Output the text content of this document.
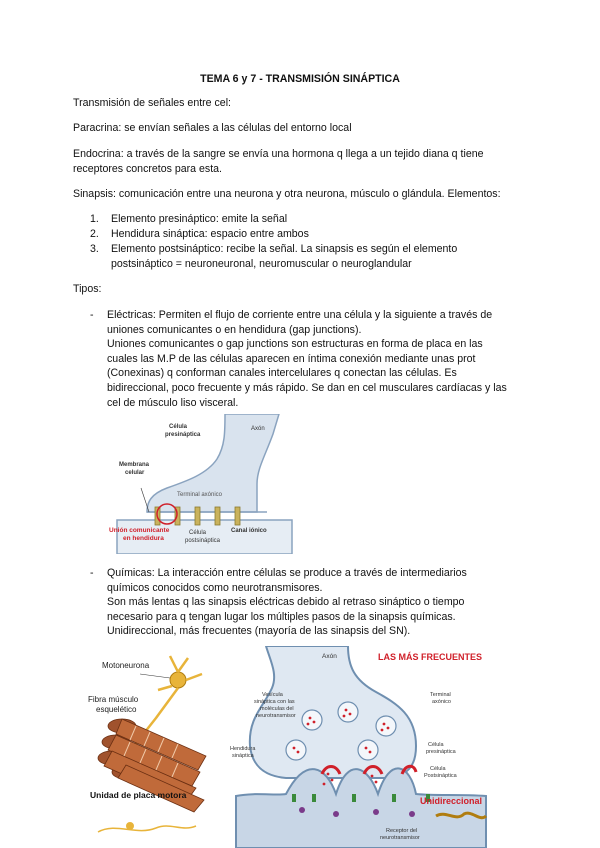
TEMA 6 y 7 - TRANSMISIÓN SINÁPTICA
Transmisión de señales entre cel:
Paracrina: se envían señales a las células del entorno local
Endocrina: a través de la sangre se envía una hormona q llega a un tejido diana q tiene
receptores concretos para esta.
Sinapsis: comunicación entre una neurona y otra neurona, músculo o glándula. Elementos:
1. Elemento presináptico: emite la señal
2. Hendidura sináptica: espacio entre ambos
3. Elemento postsináptico: recibe la señal. La sinapsis es según el elemento
postsináptico = neuroneuronal, neuromuscular o neuroglandular
Tipos:
- Eléctricas: Permiten el flujo de corriente entre una célula y la siguiente a través de
uniones comunicantes o en hendidura (gap junctions).
Uniones comunicantes o gap junctions son estructuras en forma de placa en las
cuales las M.P de las células aparecen en íntima conexión mediante unas prot
(Conexinas) q conforman canales intercelulares q conectan las células. Es
bidireccional, poco frecuente y más rápido. Se dan en cel musculares cardíacas y las
cel de músculo liso visceral.
Célula
presináptica
Axón
Membrana
celular
Terminal axónico
Unión comunicante
en hendidura
Célula
postsináptica
Canal iónico
- Químicas: La interacción entre células se produce a través de intermediarios
químicos conocidos como neurotransmisores.
Son más lentas q las sinapsis eléctricas debido al retraso sináptico o tiempo
necesario para q tengan lugar los múltiples pasos de la sinapsis químicas.
Unidireccional, más frecuentes (mayoría de las sinapsis del SN).
Motoneurona
Fibra músculo
esquelético
Unidad de placa motora
Axón	LAS MÁS FRECUENTES
Vesícula
sináptica con las
moléculas del
neurotransmisor
Terminal
axónico
Hendidura
sináptica
Célula
presináptica
Célula
Postsináptica
Unidireccional
Receptor del
neurotransmisor
